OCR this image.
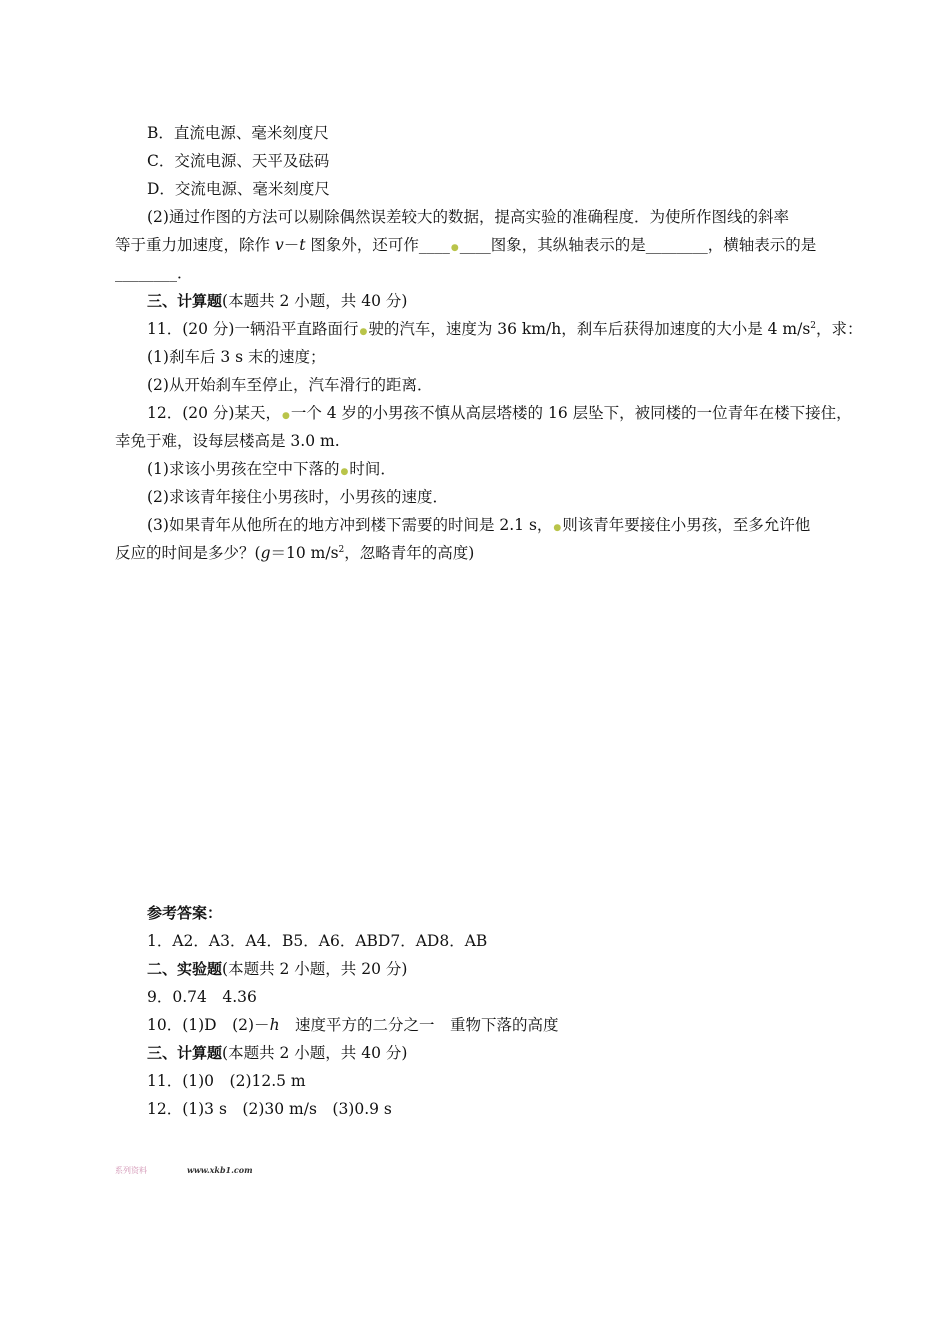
B．直流电源、毫米刻度尺
C．交流电源、天平及砝码
D．交流电源、毫米刻度尺
(2)通过作图的方法可以剔除偶然误差较大的数据，提高实验的准确程度．为使所作图线的斜率
等于重力加速度，除作 v－t 图象外，还可作____●____图象，其纵轴表示的是________，横轴表示的是
________．
三、计算题(本题共 2 小题，共 40 分)
11．(20 分)一辆沿平直路面行●驶的汽车，速度为 36 km/h，刹车后获得加速度的大小是 4 $m/s^2$，求：
(1)刹车后 3 s 末的速度；
(2)从开始刹车至停止，汽车滑行的距离．
12．(20 分)某天，●一个 4 岁的小男孩不慎从高层塔楼的 16 层坠下，被同楼的一位青年在楼下接住，
幸免于难，设每层楼高是 3.0 m.
(1)求该小男孩在空中下落的●时间．
(2)求该青年接住小男孩时，小男孩的速度．
(3)如果青年从他所在的地方冲到楼下需要的时间是 2.1 s，●则该青年要接住小男孩，至多允许他
反应的时间是多少？(g＝10 $m/s^2$，忽略青年的高度)
参考答案：
1．A2．A3．A4．B5．A6．ABD7．AD8．AB
二、实验题(本题共 2 小题，共 20 分)
9．0.74　4.36
10．(1)D　(2)－h　速度平方的二分之一　重物下落的高度
三、计算题(本题共 2 小题，共 40 分)
11．(1)0　(2)12.5 m
12．(1)3 s　(2)30 m/s　(3)0.9 s
系列资料	www.xkb1.com
